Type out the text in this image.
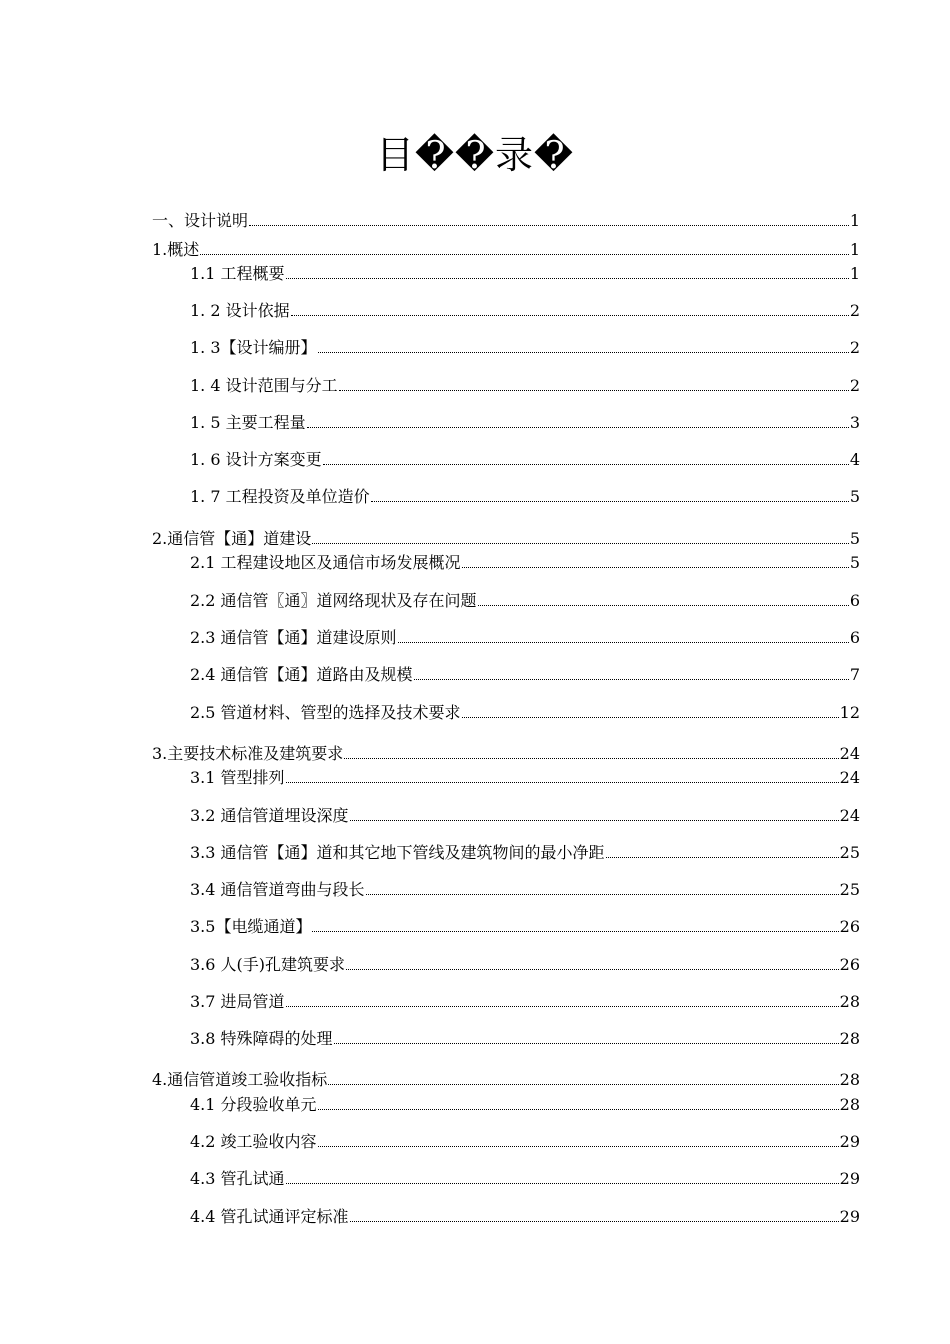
目��录�
一、设计说明	1
1.概述	1
1.1 工程概要	1
1. 2 设计依据	2
1. 3【设计编册】	2
1. 4 设计范围与分工	2
1. 5 主要工程量	3
1. 6 设计方案变更	4
1. 7 工程投资及单位造价	5
2.通信管【通】道建设	5
2.1 工程建设地区及通信市场发展概况	5
2.2 通信管〖通〗道网络现状及存在问题	6
2.3 通信管【通】道建设原则	6
2.4 通信管【通】道路由及规模	7
2.5 管道材料、管型的选择及技术要求	12
3.主要技术标准及建筑要求	24
3.1 管型排列	24
3.2 通信管道埋设深度	24
3.3 通信管【通】道和其它地下管线及建筑物间的最小净距	25
3.4 通信管道弯曲与段长	25
3.5【电缆通道】	26
3.6 人(手)孔建筑要求	26
3.7 进局管道	28
3.8 特殊障碍的处理	28
4.通信管道竣工验收指标	28
4.1 分段验收单元	28
4.2 竣工验收内容	29
4.3 管孔试通	29
4.4 管孔试通评定标准	29
